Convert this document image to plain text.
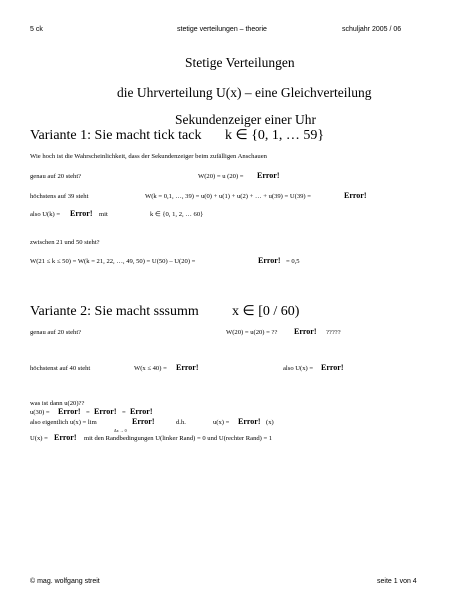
5 ck	stetige verteilungen – theorie	schuljahr 2005 / 06
Stetige Verteilungen
die Uhrverteilung U(x) – eine Gleichverteilung
Sekundenzeiger einer Uhr
Variante 1: Sie macht tick tack k ∈ {0, 1, … 59}
Wie hoch ist die Wahrscheinlichkeit, dass der Sekundenzeiger beim zufälligen Anschauen
genau auf 20 steht?	W(20) = u (20) = Error!
höchstens auf 39 steht	W(k = 0,1, …, 39) = u(0) + u(1) + u(2) + … + u(39) = U(39) =	Error!
also U(k) = Error! mit	k ∈ {0, 1, 2, … 60}
zwischen 21 und 50 steht?
W(21 ≤ k ≤ 50) = W(k = 21, 22, …, 49, 50) = U(50) – U(20) =	Error! = 0,5
Variante 2: Sie macht sssumm x ∈ [0 / 60)
genau auf 20 steht?	W(20) = u(20) = ?? Error! ?????
höchstenst auf 40 steht	W(x ≤ 40) = Error!	also U(x) = Error!
was ist dann u(20)??
u(30) = Error! = Error! = Error!
also eigentlich u(x) = lim
Δx → 0
Error!	d.h.	u(x) = Error! (x)
U(x) = Error! mit den Randbedingungen U(linker Rand) = 0 und U(rechter Rand) = 1
© mag. wolfgang streit	seite 1 von 4
